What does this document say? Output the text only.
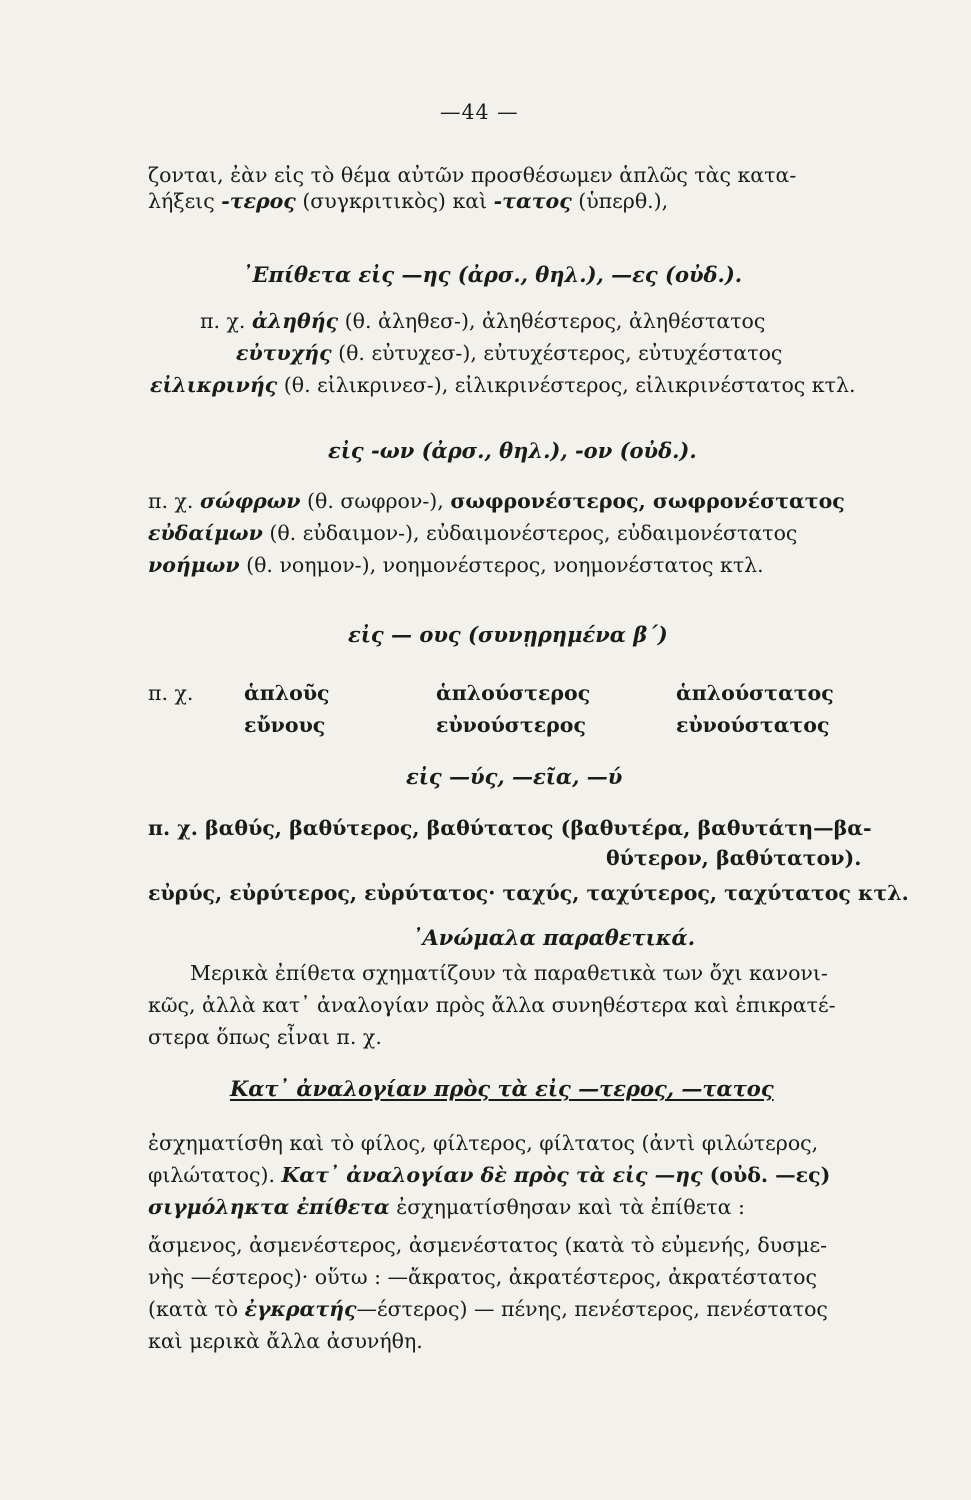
—44 —
ζονται, ἐὰν εἰς τὸ θέμα αὐτῶν προσθέσωμεν ἁπλῶς τὰς κατα-
λήξεις -τερος (συγκριτικὸς) καὶ -τατος (ὑπερθ.),
᾿Επίθετα εἰς —ης (ἀρσ., θηλ.), —ες (οὐδ.).
π. χ. ἀληθής (θ. ἀληθεσ-), ἀληθέστερος, ἀληθέστατος
εὐτυχής (θ. εὐτυχεσ-), εὐτυχέστερος, εὐτυχέστατος
εἰλικρινής (θ. εἰλικρινεσ-), εἰλικρινέστερος, εἰλικρινέστατος κτλ.
εἰς -ων (ἀρσ., θηλ.), -ον (οὐδ.).
π. χ. σώφρων (θ. σωφρον-), σωφρονέστερος, σωφρονέστατος
εὐδαίμων (θ. εὐδαιμον-), εὐδαιμονέστερος, εὐδαιμονέστατος
νοήμων (θ. νοημον-), νοημονέστερος, νοημονέστατος κτλ.
εἰς — ους (συνῃρημένα β΄)
π. χ. ἁπλοῦς	ἁπλούστερος	ἁπλούστατος
εὔνους	εὐνούστερος	εὐνούστατος
εἰς —ύς, —εῖα, —ύ
π. χ. βαθύς, βαθύτερος, βαθύτατος (βαθυτέρα, βαθυτάτη—βα-
θύτερον, βαθύτατον).
εὐρύς, εὐρύτερος, εὐρύτατος· ταχύς, ταχύτερος, ταχύτατος κτλ.
᾿Ανώμαλα παραθετικά.
Μερικὰ ἐπίθετα σχηματίζουν τὰ παραθετικὰ των ὄχι κανονι-
κῶς, ἀλλὰ κατ᾿ ἀναλογίαν πρὸς ἄλλα συνηθέστερα καὶ ἐπικρατέ-
στερα ὅπως εἶναι π. χ.
Κατ᾿ ἀναλογίαν πρὸς τὰ εἰς —τερος, —τατος
ἐσχηματίσθη καὶ τὸ φίλος, φίλτερος, φίλτατος (ἀντὶ φιλώτερος,
φιλώτατος). Κατ᾿ ἀναλογίαν δὲ πρὸς τὰ εἰς —ης (οὐδ. —ες)
σιγμόληκτα ἐπίθετα ἐσχηματίσθησαν καὶ τὰ ἐπίθετα :
ἄσμενος, ἀσμενέστερος, ἀσμενέστατος (κατὰ τὸ εὐμενής, δυσμε-
νὴς —έστερος)· οὕτω : —ἄκρατος, ἀκρατέστερος, ἀκρατέστατος
(κατὰ τὸ ἐγκρατής—έστερος) — πένης, πενέστερος, πενέστατος
καὶ μερικὰ ἄλλα ἀσυνήθη.
